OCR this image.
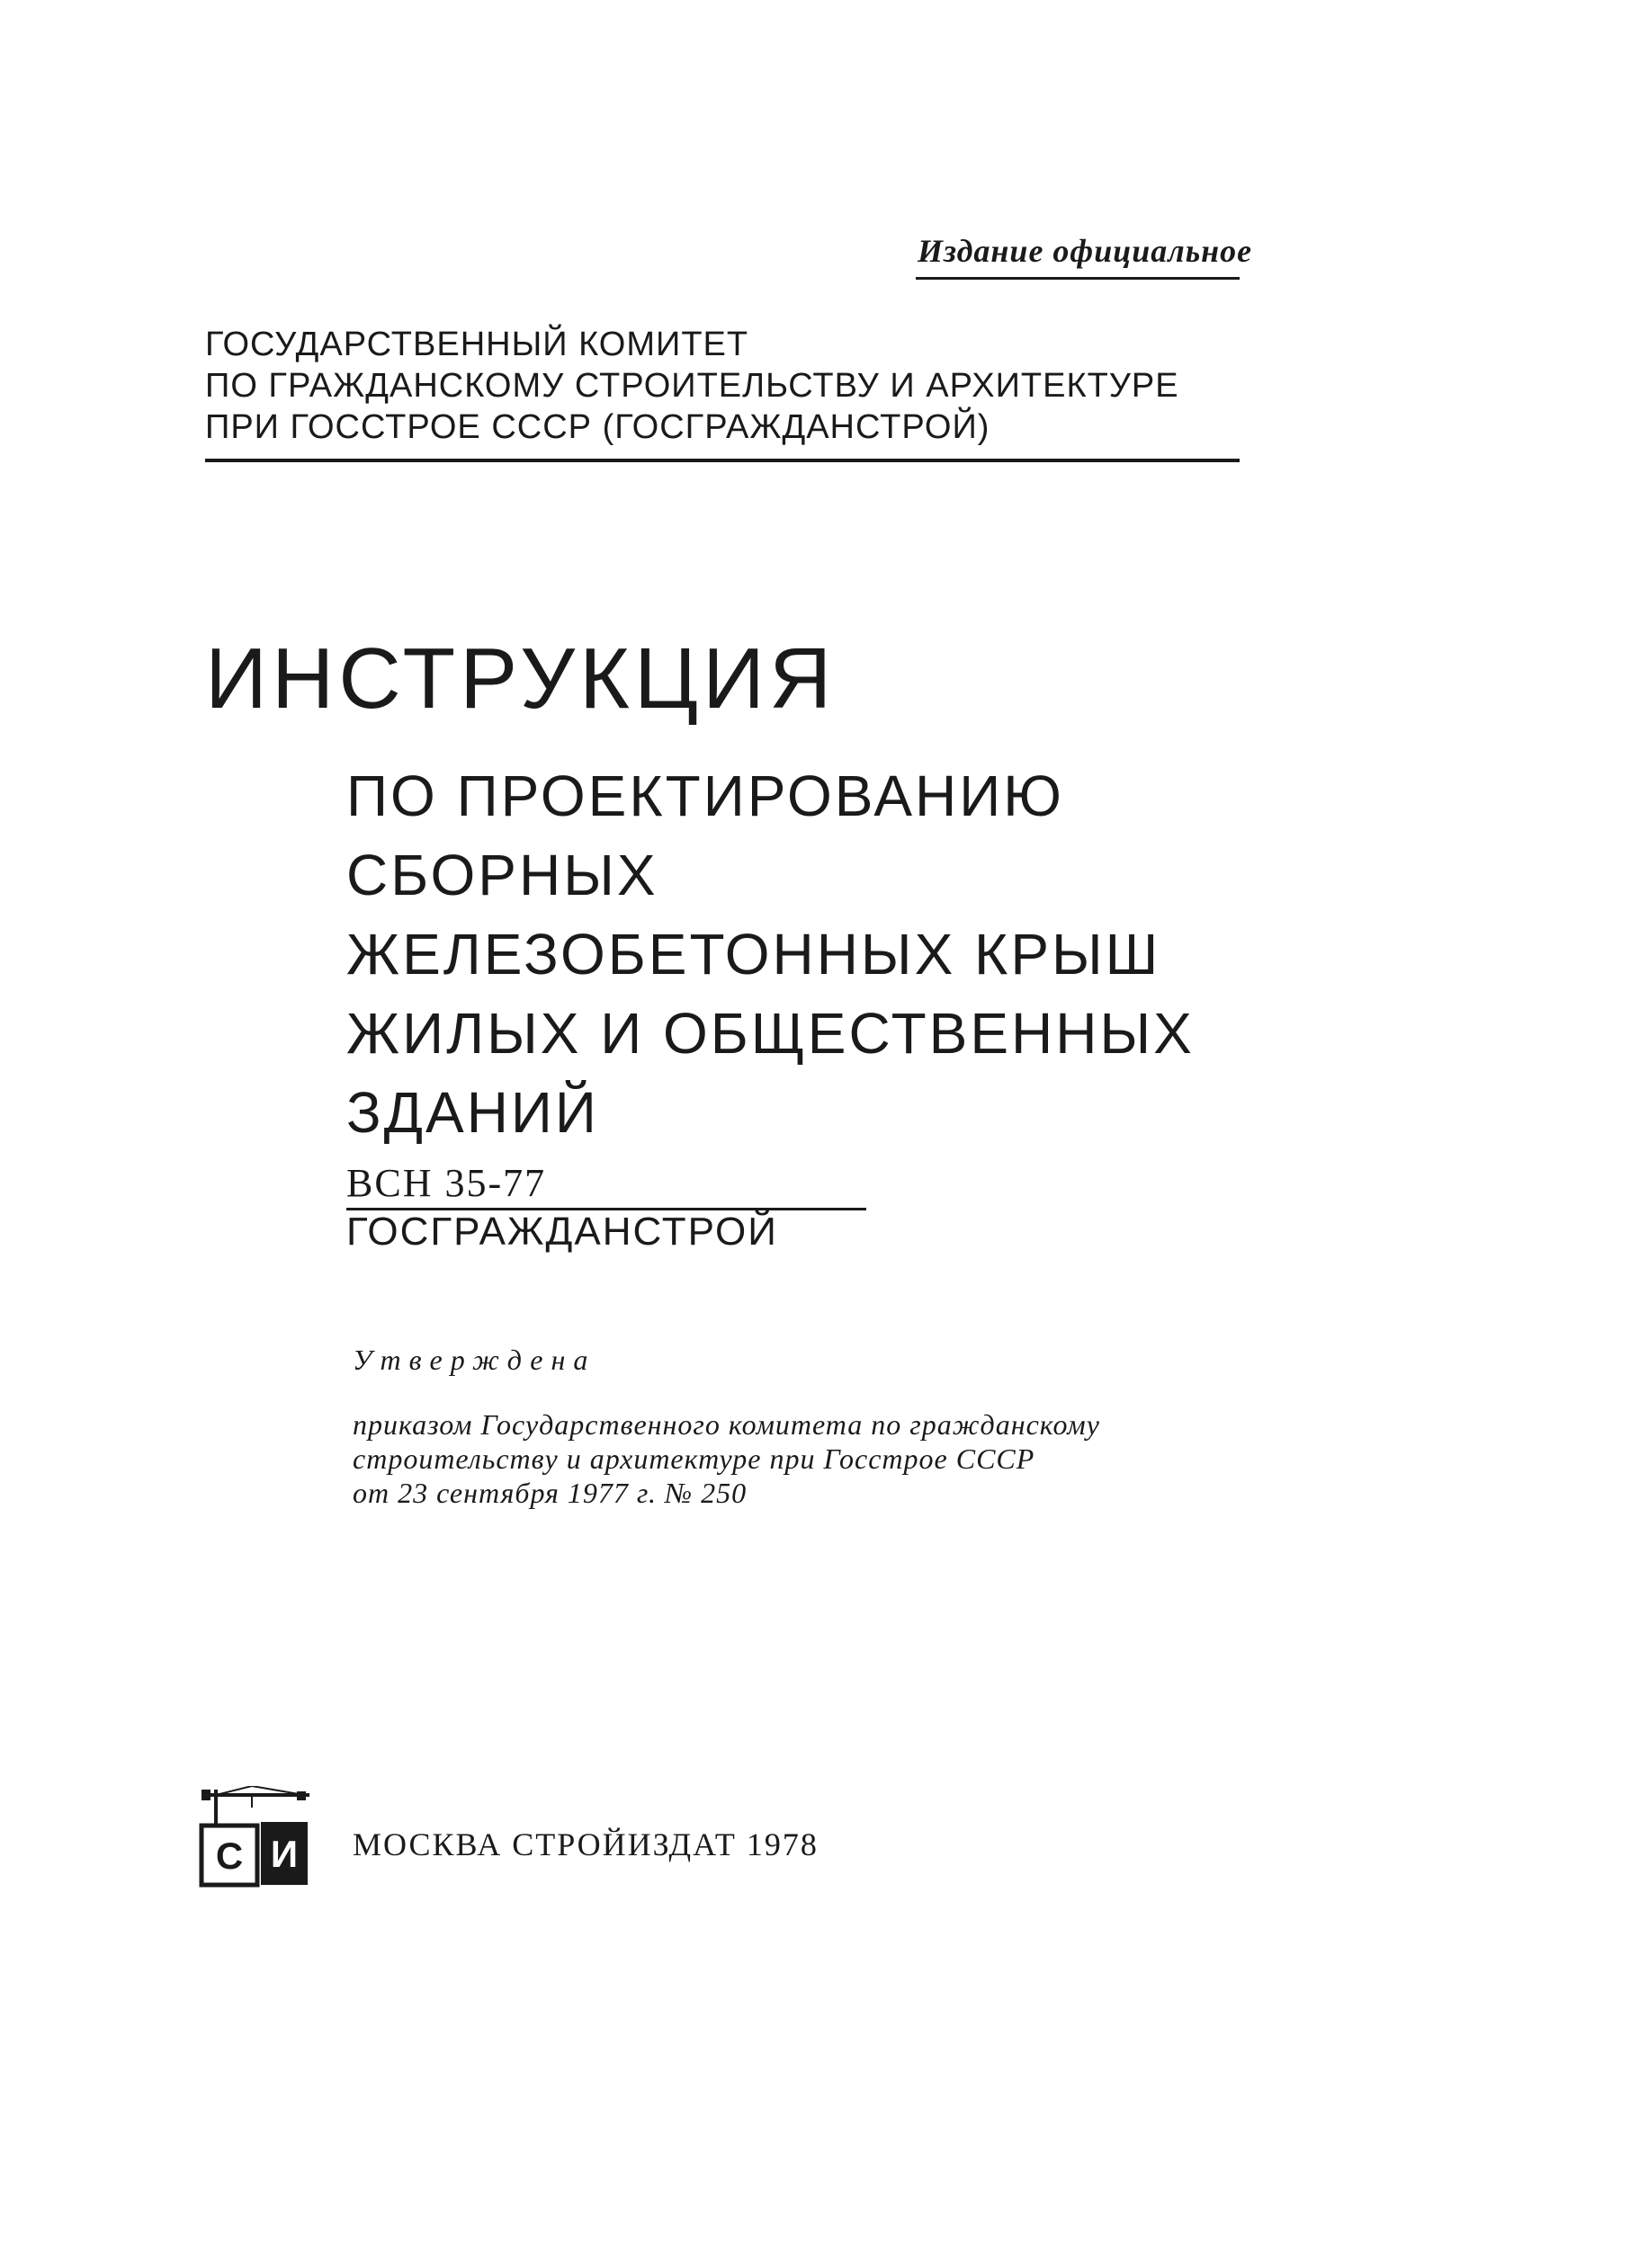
Издание официальное
ГОСУДАРСТВЕННЫЙ КОМИТЕТ
ПО ГРАЖДАНСКОМУ СТРОИТЕЛЬСТВУ И АРХИТЕКТУРЕ
ПРИ ГОССТРОЕ СССР (ГОСГРАЖДАНСТРОЙ)
ИНСТРУКЦИЯ
ПО ПРОЕКТИРОВАНИЮ
СБОРНЫХ
ЖЕЛЕЗОБЕТОННЫХ КРЫШ
ЖИЛЫХ И ОБЩЕСТВЕННЫХ
ЗДАНИЙ
ВСН 35-77
ГОСГРАЖДАНСТРОЙ
Утверждена
приказом Государственного комитета по гражданскому
строительству и архитектуре при Госстрое СССР
от 23 сентября 1977 г. № 250
С И МОСКВА СТРОЙИЗДАТ 1978
